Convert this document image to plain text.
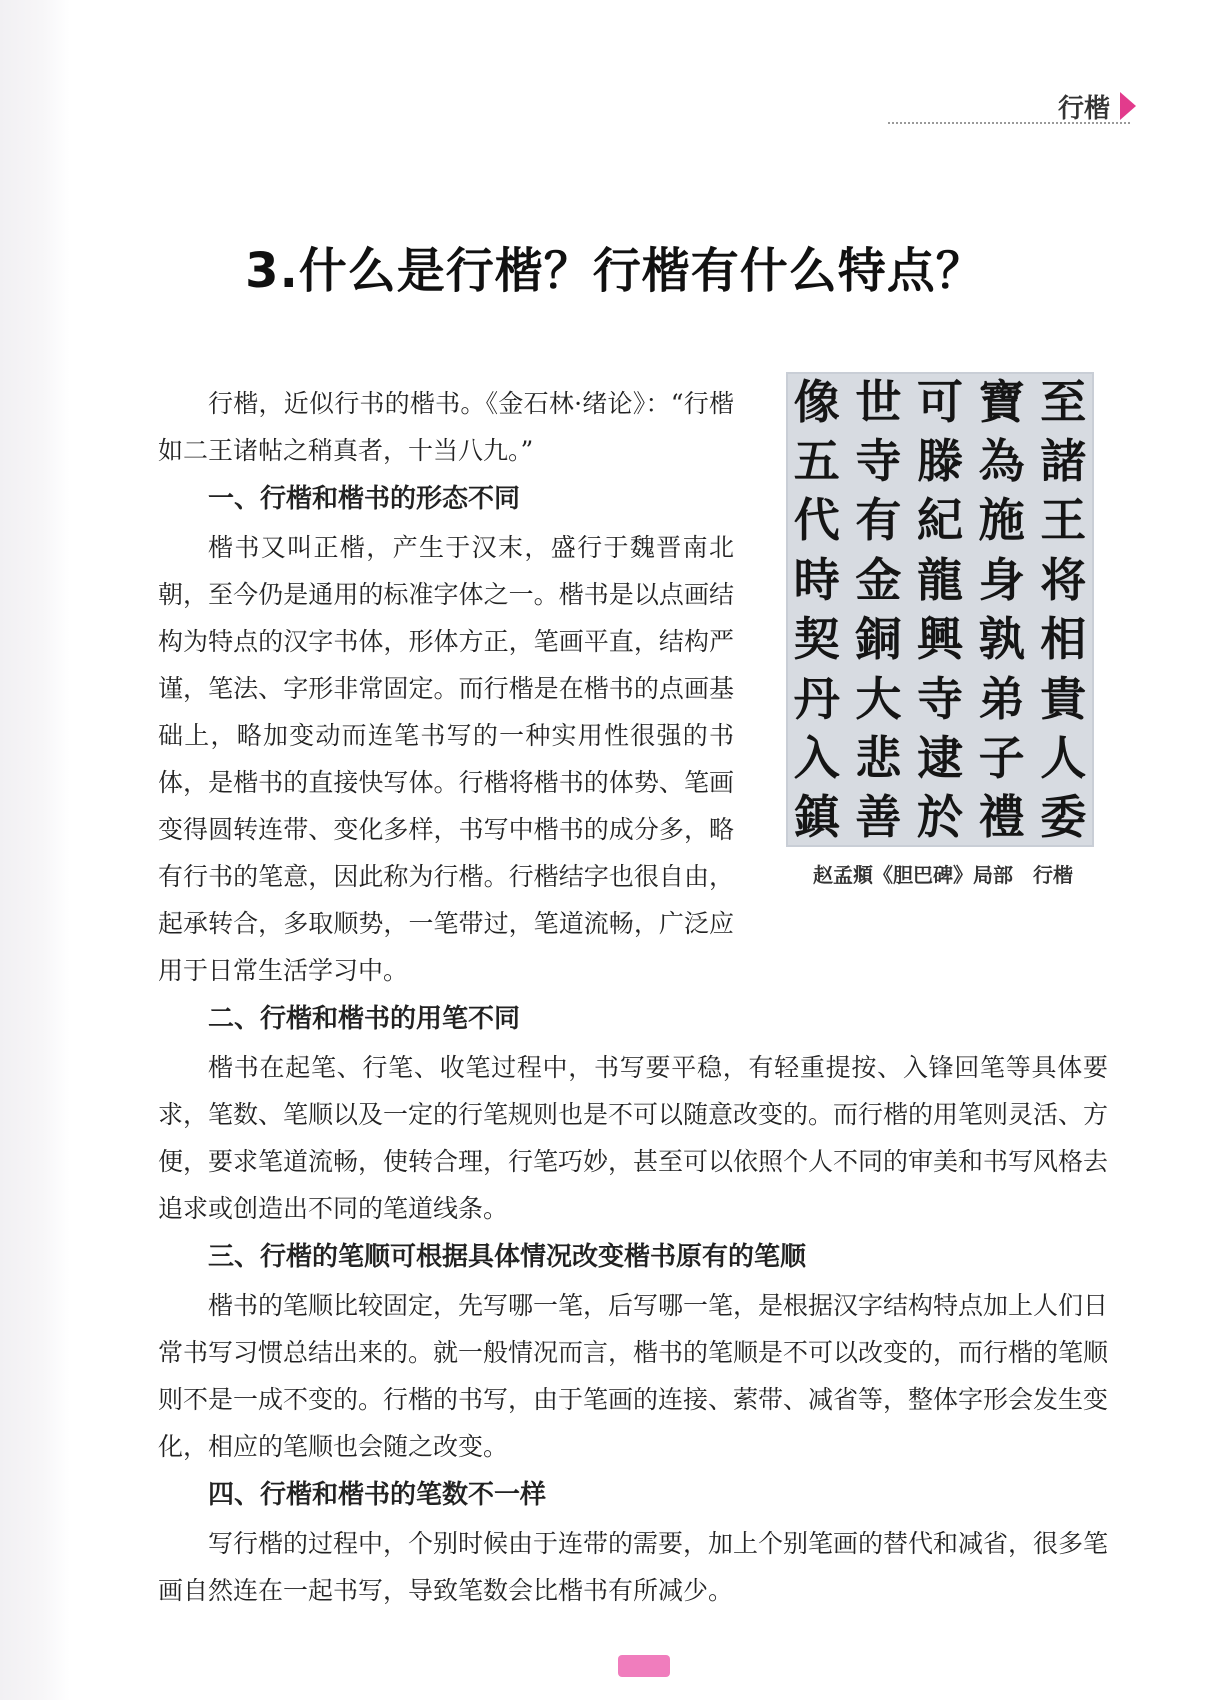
行楷
3.什么是行楷？行楷有什么特点？
像
五
代
時
契
丹
入
鎮
世
寺
有
金
銅
大
悲
善
可
滕
紀
龍
興
寺
逮
於
寶
為
施
身
孰
弟
子
禮
至
諸
王
将
相
貴
人
委
赵孟頫《胆巴碑》局部　行楷

行楷，近似行书的楷书。《金石林·绪论》：“行楷如二王诸帖之稍真者，十当八九。”

一、行楷和楷书的形态不同

楷书又叫正楷，产生于汉末，盛行于魏晋南北朝，至今仍是通用的标准字体之一。楷书是以点画结构为特点的汉字书体，形体方正，笔画平直，结构严谨，笔法、字形非常固定。而行楷是在楷书的点画基础上，略加变动而连笔书写的一种实用性很强的书体，是楷书的直接快写体。行楷将楷书的体势、笔画变得圆转连带、变化多样，书写中楷书的成分多，略有行书的笔意，因此称为行楷。行楷结字也很自由，起承转合，多取顺势，一笔带过，笔道流畅，广泛应用于日常生活学习中。

二、行楷和楷书的用笔不同

楷书在起笔、行笔、收笔过程中，书写要平稳，有轻重提按、入锋回笔等具体要求，笔数、笔顺以及一定的行笔规则也是不可以随意改变的。而行楷的用笔则灵活、方便，要求笔道流畅，使转合理，行笔巧妙，甚至可以依照个人不同的审美和书写风格去追求或创造出不同的笔道线条。

三、行楷的笔顺可根据具体情况改变楷书原有的笔顺

楷书的笔顺比较固定，先写哪一笔，后写哪一笔，是根据汉字结构特点加上人们日常书写习惯总结出来的。就一般情况而言，楷书的笔顺是不可以改变的，而行楷的笔顺则不是一成不变的。行楷的书写，由于笔画的连接、萦带、减省等，整体字形会发生变化，相应的笔顺也会随之改变。

四、行楷和楷书的笔数不一样

写行楷的过程中，个别时候由于连带的需要，加上个别笔画的替代和减省，很多笔画自然连在一起书写，导致笔数会比楷书有所减少。
